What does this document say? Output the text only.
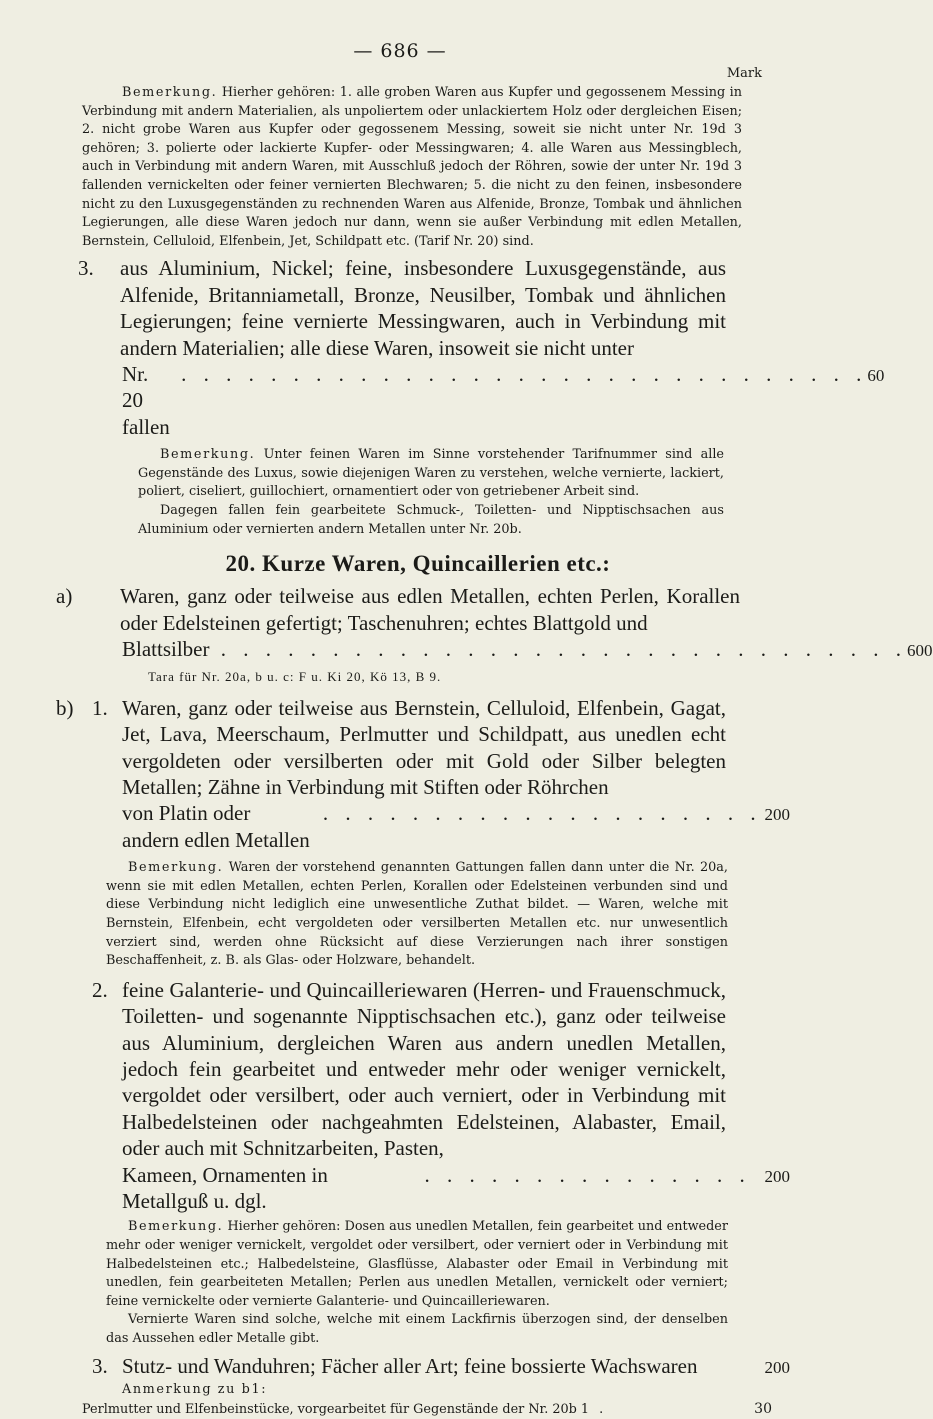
— 686 —
Mark
Bemerkung. Hierher gehören: 1. alle groben Waren aus Kupfer und gegossenem Messing in Verbindung mit andern Materialien, als unpoliertem oder unlackiertem Holz oder dergleichen Eisen; 2. nicht grobe Waren aus Kupfer oder gegossenem Messing, soweit sie nicht unter Nr. 19d 3 gehören; 3. polierte oder lackierte Kupfer- oder Messingwaren; 4. alle Waren aus Messingblech, auch in Verbindung mit andern Waren, mit Ausschluß jedoch der Röhren, sowie der unter Nr. 19d 3 fallenden vernickelten oder feiner vernierten Blechwaren; 5. die nicht zu den feinen, insbesondere nicht zu den Luxusgegenständen zu rechnenden Waren aus Alfenide, Bronze, Tombak und ähnlichen Legierungen, alle diese Waren jedoch nur dann, wenn sie außer Verbindung mit edlen Metallen, Bernstein, Celluloid, Elfenbein, Jet, Schildpatt etc. (Tarif Nr. 20) sind.
3. aus Aluminium, Nickel; feine, insbesondere Luxusgegenstände, aus Alfenide, Britanniametall, Bronze, Neusilber, Tombak und ähnlichen Legierungen; feine vernierte Messingwaren, auch in Verbindung mit andern Materialien; alle diese Waren, insoweit sie nicht unter
Nr. 20 fallen
. . . . . . . . . . . . . . . . . . . . . . . . . . . . . . . 60
Bemerkung. Unter feinen Waren im Sinne vorstehender Tarifnummer sind alle Gegenstände des Luxus, sowie diejenigen Waren zu verstehen, welche vernierte, lackiert, poliert, ciseliert, guillochiert, ornamentiert oder von getriebener Arbeit sind.
Dagegen fallen fein gearbeitete Schmuck-, Toiletten- und Nipptischsachen aus Aluminium oder vernierten andern Metallen unter Nr. 20b.
20. Kurze Waren, Quincaillerien etc.:
a) Waren, ganz oder teilweise aus edlen Metallen, echten Perlen, Korallen oder Edelsteinen gefertigt; Taschenuhren; echtes Blattgold und
Blattsilber . . . . . . . . . . . . . . . . . . . . . . . . . . . . . . . 600
Tara für Nr. 20a, b u. c: F u. Ki 20, Kö 13, B 9.
b) 1. Waren, ganz oder teilweise aus Bernstein, Celluloid, Elfenbein, Gagat, Jet, Lava, Meerschaum, Perlmutter und Schildpatt, aus unedlen echt vergoldeten oder versilberten oder mit Gold oder Silber belegten Metallen; Zähne in Verbindung mit Stiften oder Röhrchen
von Platin oder andern edlen Metallen
. . . . . . . . . . . . . . . . . . . . 200
Bemerkung. Waren der vorstehend genannten Gattungen fallen dann unter die Nr. 20a, wenn sie mit edlen Metallen, echten Perlen, Korallen oder Edelsteinen verbunden sind und diese Verbindung nicht lediglich eine unwesentliche Zuthat bildet. — Waren, welche mit Bernstein, Elfenbein, echt vergoldeten oder versilberten Metallen etc. nur unwesentlich verziert sind, werden ohne Rücksicht auf diese Verzierungen nach ihrer sonstigen Beschaffenheit, z. B. als Glas- oder Holzware, behandelt.
2. feine Galanterie- und Quincailleriewaren (Herren- und Frauenschmuck, Toiletten- und sogenannte Nipptischsachen etc.), ganz oder teilweise aus Aluminium, dergleichen Waren aus andern unedlen Metallen, jedoch fein gearbeitet und entweder mehr oder weniger vernickelt, vergoldet oder versilbert, oder auch verniert, oder in Verbindung mit Halbedelsteinen oder nachgeahmten Edelsteinen, Alabaster, Email, oder auch mit Schnitzarbeiten, Pasten,
Kameen, Ornamenten in Metallguß u. dgl.
. . . . . . . . . . . . . . . 200
Bemerkung. Hierher gehören: Dosen aus unedlen Metallen, fein gearbeitet und entweder mehr oder weniger vernickelt, vergoldet oder versilbert, oder verniert oder in Verbindung mit Halbedelsteinen etc.; Halbedelsteine, Glasflüsse, Alabaster oder Email in Verbindung mit unedlen, fein gearbeiteten Metallen; Perlen aus unedlen Metallen, vernickelt oder verniert; feine vernickelte oder vernierte Galanterie- und Quincailleriewaren.
Vernierte Waren sind solche, welche mit einem Lackfirnis überzogen sind, der denselben das Aussehen edler Metalle gibt.
3. Stutz- und Wanduhren; Fächer aller Art; feine bossierte Wachswaren	200
Anmerkung zu b1:
Perlmutter und Elfenbeinstücke, vorgearbeitet für Gegenstände der Nr. 20b 1 .	30
